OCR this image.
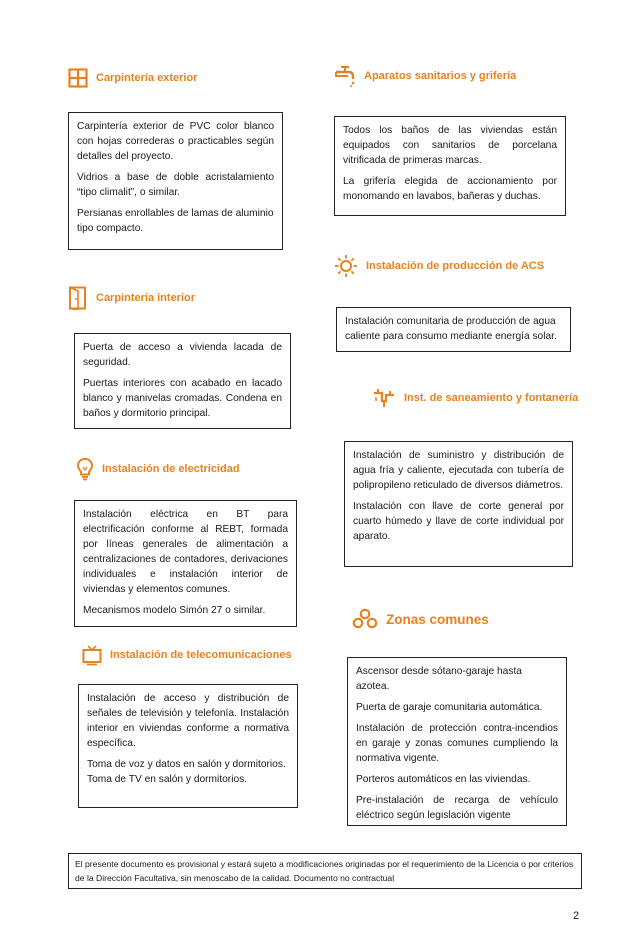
Carpintería exterior

Carpintería exterior de PVC color blanco con hojas correderas o practicables según detalles del proyecto.

Vidrios a base de doble acristalamiento “tipo climalit”, o similar.

Persianas enrollables de lamas de aluminio tipo compacto.

Carpintería interior

Puerta de acceso a vivienda lacada de seguridad.

Puertas interiores con acabado en lacado blanco y manivelas cromadas. Condena en baños y dormitorio principal.

Instalación de electricidad

Instalación eléctrica en BT para electrificación conforme al REBT, formada por líneas generales de alimentación a centralizaciones de contadores, derivaciones individuales e instalación interior de viviendas y elementos comunes.

Mecanismos modelo Simón 27 o similar.

Instalación de telecomunicaciones

Instalación de acceso y distribución de señales de televisión y telefonía. Instalación interior en viviendas conforme a normativa específica.

Toma de voz y datos en salón y dormitorios. Toma de TV en salón y dormitorios.

Aparatos sanitarios y grifería

Todos los baños de las viviendas están equipados con sanitarios de porcelana vitrificada de primeras marcas.

La grifería elegida de accionamiento por monomando en lavabos, bañeras y duchas.

Instalación de producción de ACS

Instalación comunitaria de producción de agua caliente para consumo mediante energía solar.

Inst. de saneamiento y fontanería

Instalación de suministro y distribución de agua fría y caliente, ejecutada con tubería de polipropileno reticulado de diversos diámetros.

Instalación con llave de corte general por cuarto húmedo y llave de corte individual por aparato.

Zonas comunes

Ascensor desde sótano-garaje hasta azotea.

Puerta de garaje comunitaria automática.

Instalación de protección contra-incendios en garaje y zonas comunes cumpliendo la normativa vigente.

Porteros automáticos en las viviendas.

Pre-instalación de recarga de vehículo eléctrico según legislación vigente

El presente documento es provisional y estará sujeto a modificaciones originadas por el requerimiento de la Licencia o por criterios de la Dirección Facultativa, sin menoscabo de la calidad. Documento no contractual
2
